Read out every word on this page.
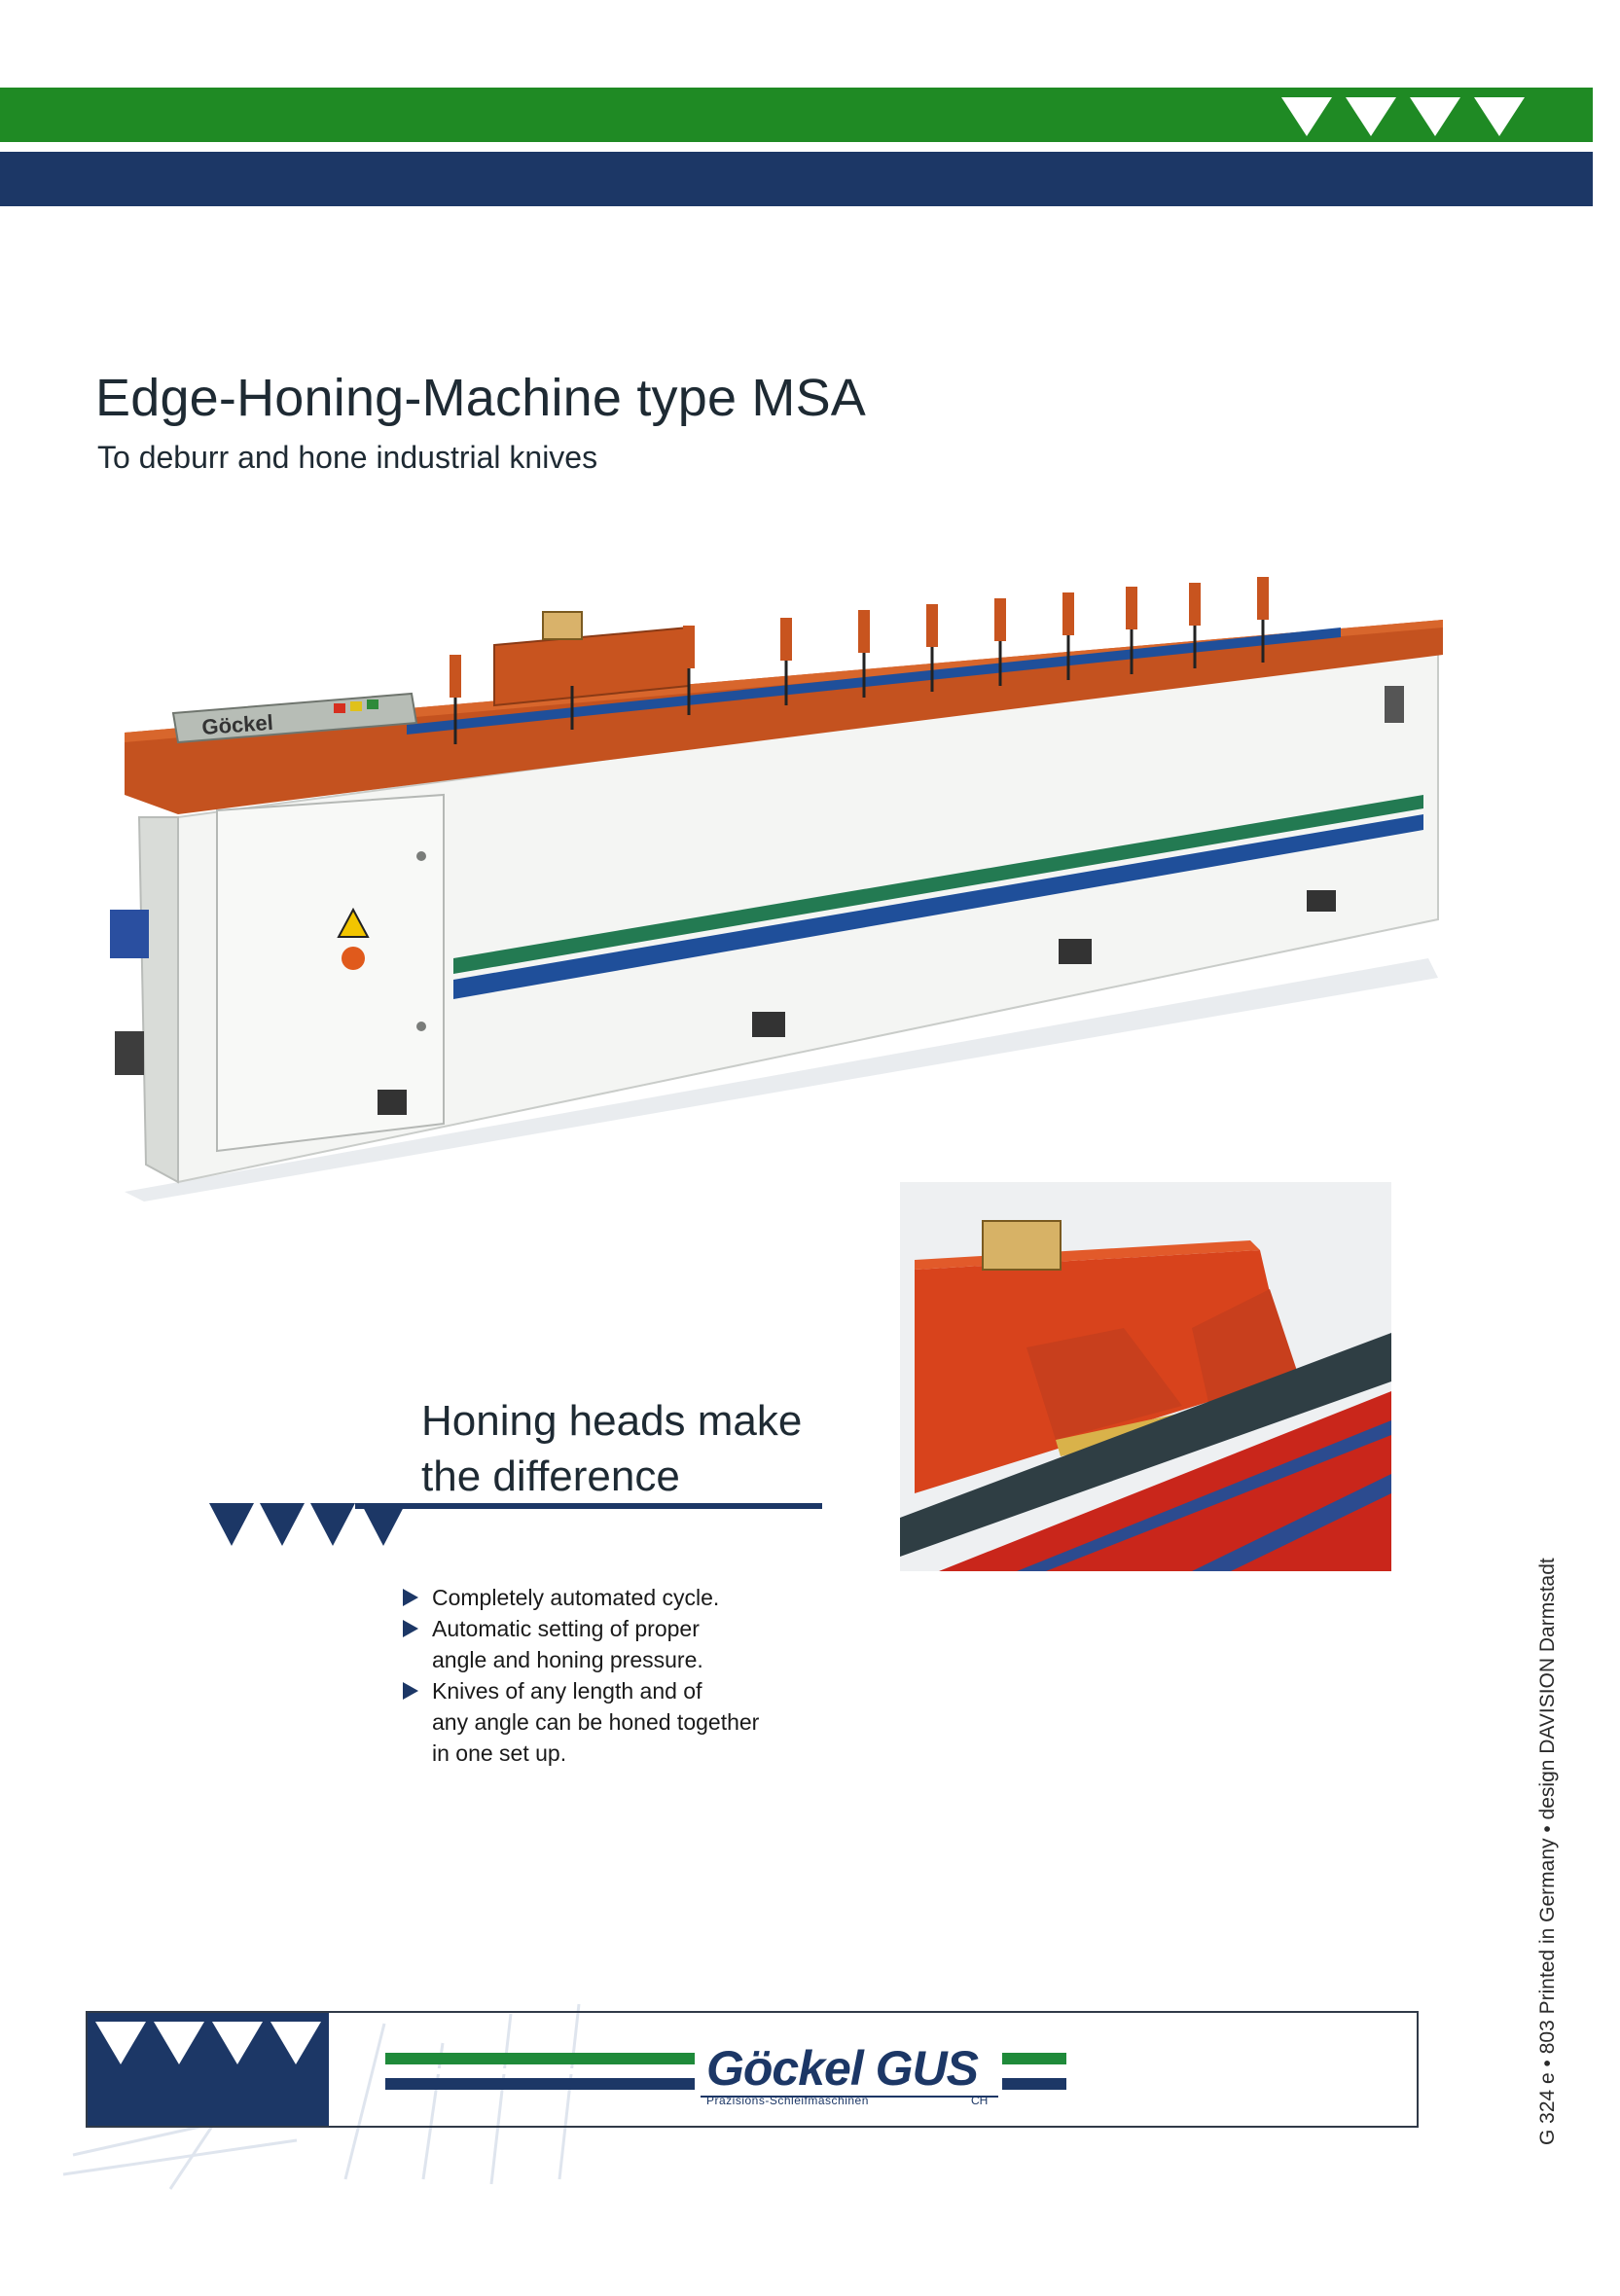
Edge-Honing-Machine type MSA
To deburr and hone industrial knives
Göckel
Honing heads make
the difference
Completely automated cycle.
Automatic setting of proper
angle and honing pressure.
Knives of any length and of
any angle can be honed together
in one set up.
Göckel GUS
Präzisions-Schleifmaschinen	CH	G 324 e • 803 Printed in Germany • design DAVISION Darmstadt
